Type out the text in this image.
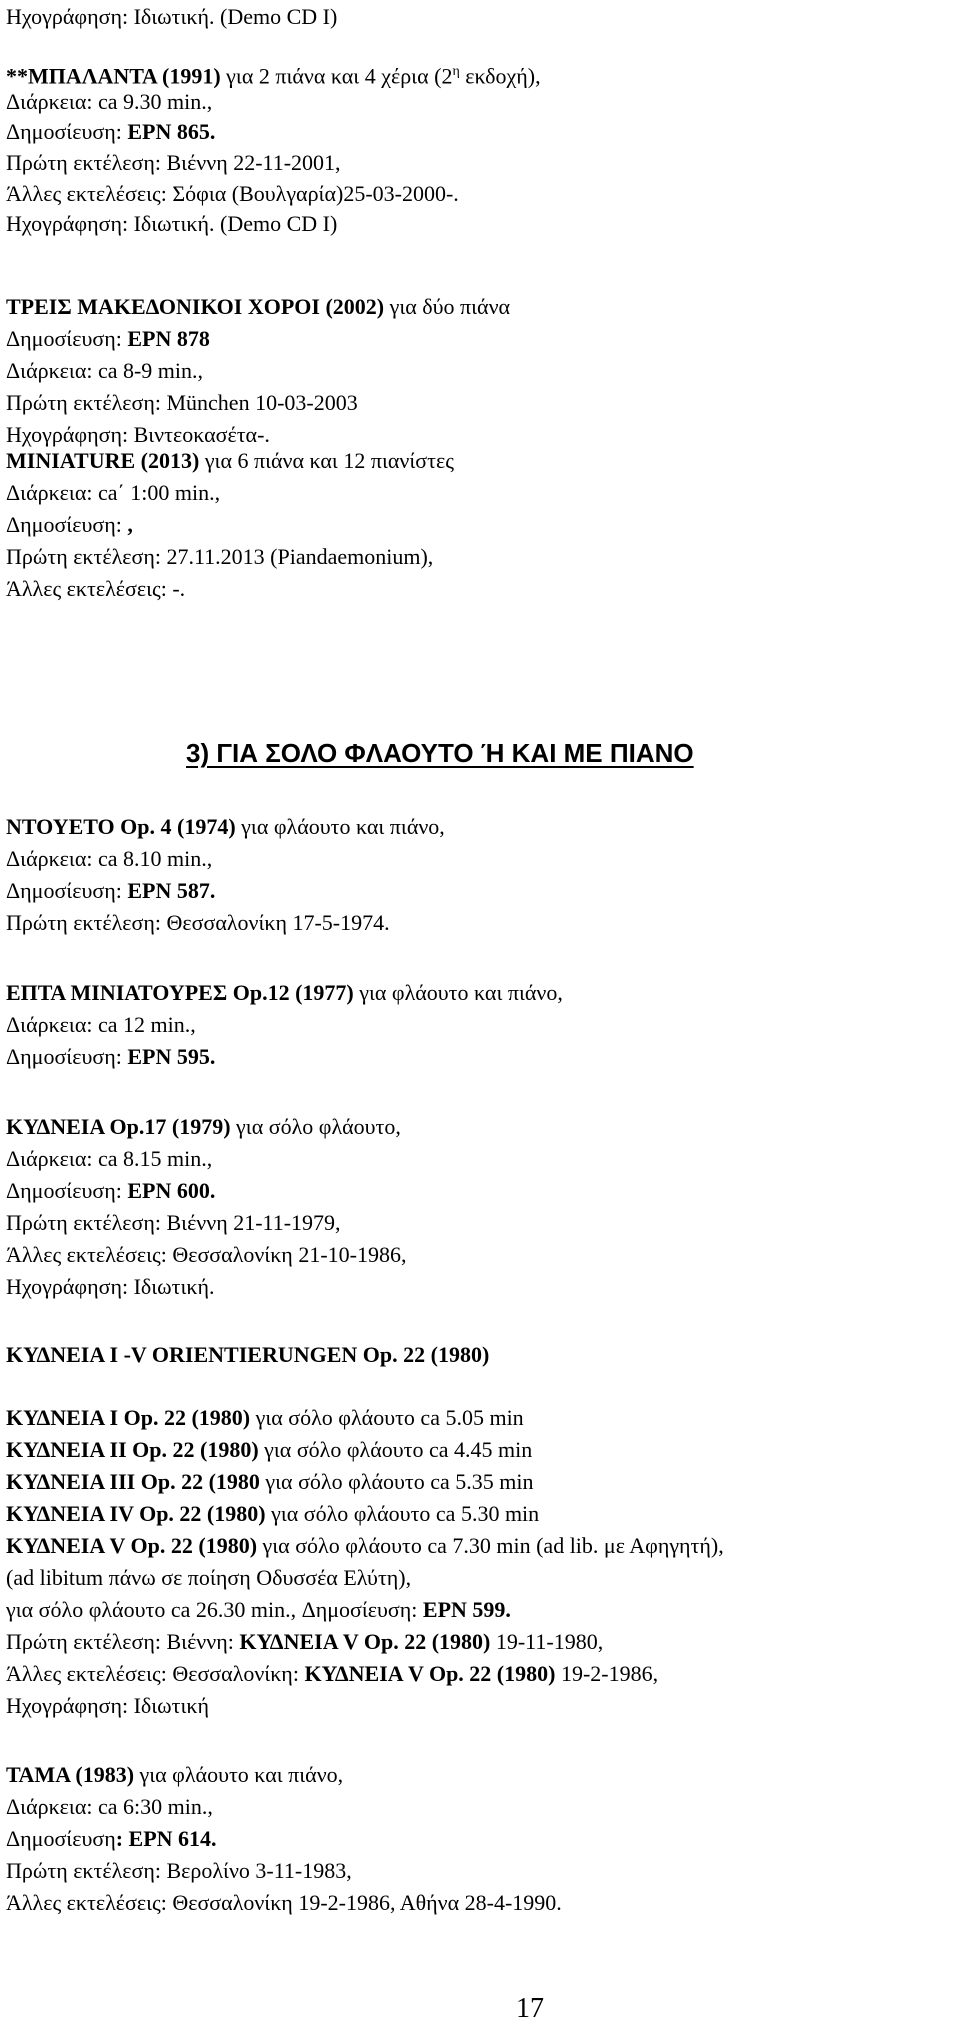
Ηχογράφηση: Ιδιωτική. (Demo CD I)
**ΜΠΑΛΑΝΤΑ (1991) για 2 πιάνα και 4 χέρια ($2^\eta$ εκδοχή),
Διάρκεια: ca 9.30 min.,
Δημοσίευση: EPN 865.
Πρώτη εκτέλεση: Βιέννη 22-11-2001,
Άλλες εκτελέσεις: Σόφια (Βουλγαρία)25-03-2000-.
Ηχογράφηση: Ιδιωτική. (Demo CD I)
ΤΡΕΙΣ ΜΑΚΕΔΟΝΙΚΟΙ ΧΟΡΟΙ (2002) για δύο πιάνα
Δημοσίευση: EPN 878
Διάρκεια: ca 8-9 min.,
Πρώτη εκτέλεση: München 10-03-2003
Ηχογράφηση: Βιντεοκασέτα-.
MINIATURE (2013) για 6 πιάνα και 12 πιανίστες
Διάρκεια: ca΄ 1:00 min.,
Δημοσίευση: ,
Πρώτη εκτέλεση: 27.11.2013 (Piandaemonium),
Άλλες εκτελέσεις: -.
3) ΓΙΑ ΣΟΛΟ ΦΛΑΟΥΤΟ Ή ΚΑΙ ΜΕ ΠΙΑΝΟ
ΝΤΟΥΕΤΟ Op. 4 (1974) για φλάουτο και πιάνο,
Διάρκεια: ca 8.10 min.,
Δημοσίευση: EPN 587.
Πρώτη εκτέλεση: Θεσσαλονίκη 17-5-1974.
ΕΠΤΑ ΜΙΝΙΑΤΟΥΡΕΣ Op.12 (1977) για φλάουτο και πιάνο,
Διάρκεια: ca 12 min.,
Δημοσίευση: EPN 595.
ΚΥΔΝΕΙΑ Op.17 (1979) για σόλο φλάουτο,
Διάρκεια: ca 8.15 min.,
Δημοσίευση: EPN 600.
Πρώτη εκτέλεση: Βιέννη 21-11-1979,
Άλλες εκτελέσεις: Θεσσαλονίκη 21-10-1986,
Ηχογράφηση: Ιδιωτική.
ΚΥΔΝΕΙΑ I -V ORIENTIERUNGEN Op. 22 (1980)
ΚΥΔΝΕΙΑ I Op. 22 (1980) για σόλο φλάουτο ca 5.05 min
ΚΥΔΝΕΙΑ II Op. 22 (1980) για σόλο φλάουτο ca 4.45 min
ΚΥΔΝΕΙΑ III Op. 22 (1980 για σόλο φλάουτο ca 5.35 min
ΚΥΔΝΕΙΑ IV Op. 22 (1980) για σόλο φλάουτο ca 5.30 min
ΚΥΔΝΕΙΑ V Op. 22 (1980) για σόλο φλάουτο ca 7.30 min (ad lib. με Αφηγητή),
(ad libitum πάνω σε ποίηση Οδυσσέα Ελύτη),
για σόλο φλάουτο ca 26.30 min., Δημοσίευση: EPN 599.
Πρώτη εκτέλεση: Βιέννη: ΚΥΔΝΕΙΑ V Op. 22 (1980) 19-11-1980,
Άλλες εκτελέσεις: Θεσσαλονίκη: ΚΥΔΝΕΙΑ V Op. 22 (1980) 19-2-1986,
Ηχογράφηση: Ιδιωτική
ΤΑΜΑ (1983) για φλάουτο και πιάνο,
Διάρκεια: ca 6:30 min.,
Δημοσίευση: EPN 614.
Πρώτη εκτέλεση: Βερολίνο 3-11-1983,
Άλλες εκτελέσεις: Θεσσαλονίκη 19-2-1986, Αθήνα 28-4-1990.
17
